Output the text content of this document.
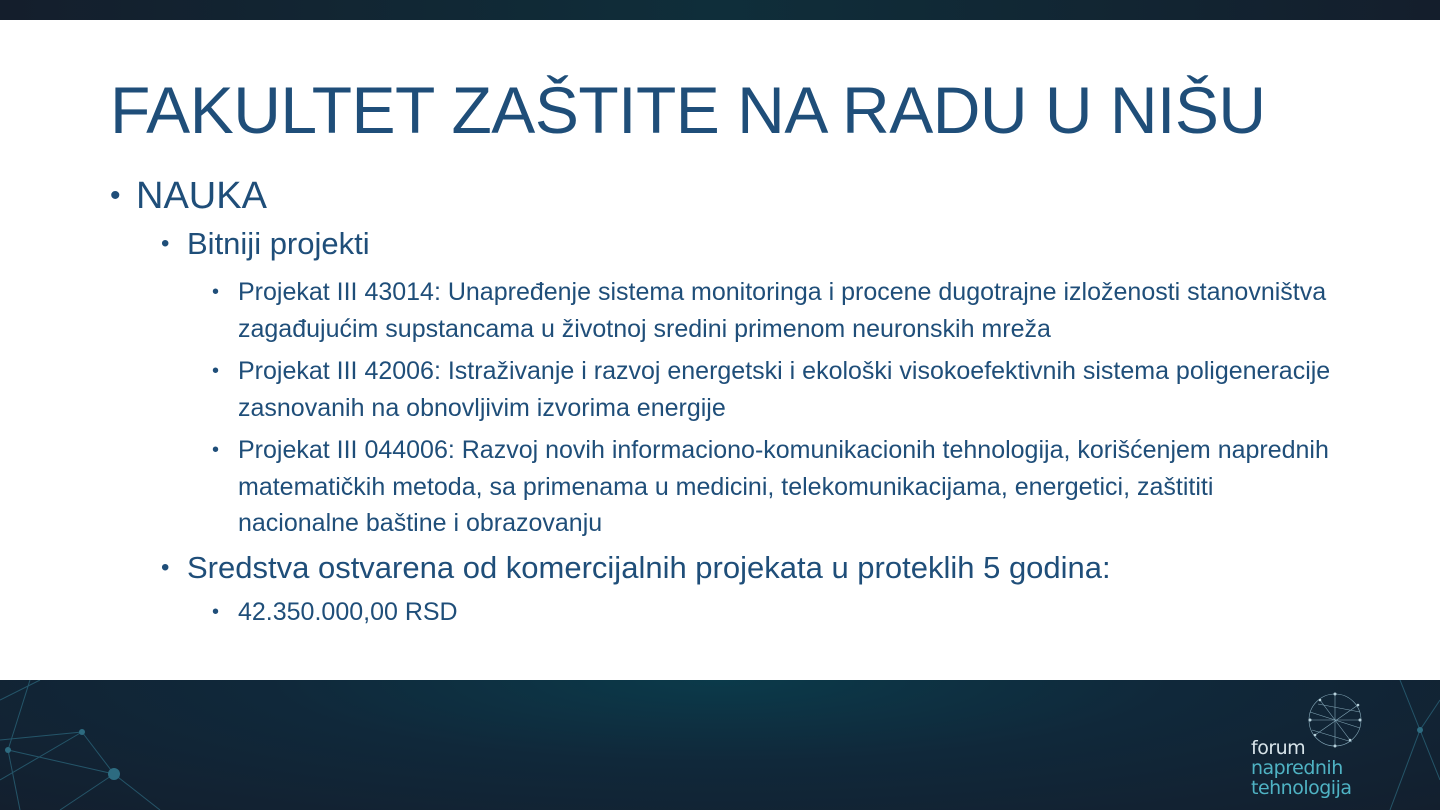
FAKULTET ZAŠTITE NA RADU U NIŠU
• NAUKA
• Bitniji projekti
• Projekat III 43014: Unapređenje sistema monitoringa i procene dugotrajne izloženosti stanovništva zagađujućim supstancama u životnoj sredini primenom neuronskih mreža
• Projekat III 42006: Istraživanje i razvoj energetski i ekološki visokoefektivnih sistema poligeneracije zasnovanih na obnovljivim izvorima energije
• Projekat III 044006: Razvoj novih informaciono-komunikacionih tehnologija, korišćenjem naprednih matematičkih metoda, sa primenama u medicini, telekomunikacijama, energetici, zaštititi nacionalne baštine i obrazovanju
• Sredstva ostvarena od komercijalnih projekata u proteklih 5 godina:
• 42.350.000,00 RSD
forum
naprednih
tehnologija
